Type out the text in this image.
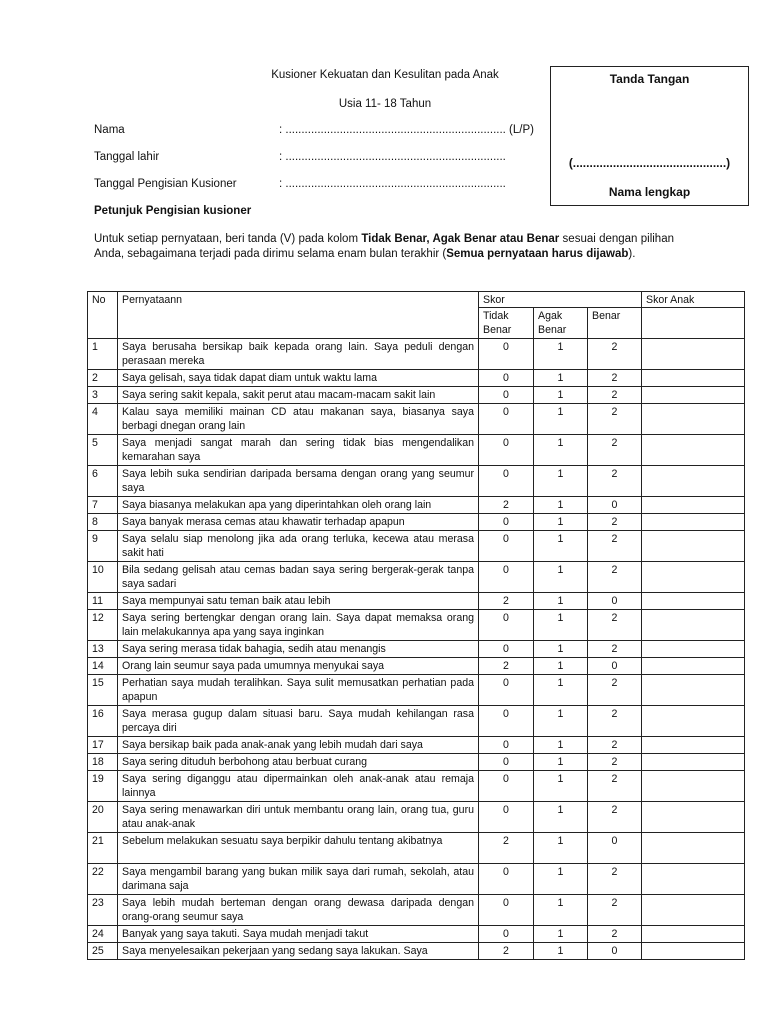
Kusioner Kekuatan dan Kesulitan pada Anak
Usia 11- 18 Tahun
Tanda Tangan
(..............................................)
Nama lengkap
Nama	: ..................................................................... (L/P)
Tanggal lahir	: .....................................................................
Tanggal Pengisian Kusioner	: .....................................................................
Petunjuk Pengisian kusioner
Untuk setiap pernyataan, beri tanda (V) pada kolom Tidak Benar, Agak Benar atau Benar sesuai dengan pilihan Anda, sebagaimana terjadi pada dirimu selama enam bulan terakhir (Semua pernyataan harus dijawab).
No	Pernyataann	Skor			Skor Anak
		Tidak Benar	Agak Benar	Benar	
1	Saya berusaha bersikap baik kepada orang lain. Saya peduli dengan perasaan mereka	0	1	2	
2	Saya gelisah, saya tidak dapat diam untuk waktu lama	0	1	2	
3	Saya sering sakit kepala, sakit perut atau macam-macam sakit lain	0	1	2	
4	Kalau saya memiliki mainan CD atau makanan saya, biasanya saya berbagi dnegan orang lain	0	1	2	
5	Saya menjadi sangat marah dan sering tidak bias mengendalikan kemarahan saya	0	1	2	
6	Saya lebih suka sendirian daripada bersama dengan orang yang seumur saya	0	1	2	
7	Saya biasanya melakukan apa yang diperintahkan oleh orang lain	2	1	0	
8	Saya banyak merasa cemas atau khawatir terhadap apapun	0	1	2	
9	Saya selalu siap menolong jika ada orang terluka, kecewa atau merasa sakit hati	0	1	2	
10	Bila sedang gelisah atau cemas badan saya sering bergerak-gerak tanpa saya sadari	0	1	2	
11	Saya mempunyai satu teman baik atau lebih	2	1	0	
12	Saya sering bertengkar dengan orang lain. Saya dapat memaksa orang lain melakukannya apa yang saya inginkan	0	1	2	
13	Saya sering merasa tidak bahagia, sedih atau menangis	0	1	2	
14	Orang lain seumur saya pada umumnya menyukai saya	2	1	0	
15	Perhatian saya mudah teralihkan. Saya sulit memusatkan perhatian pada apapun	0	1	2	
16	Saya merasa gugup dalam situasi baru. Saya mudah kehilangan rasa percaya diri	0	1	2	
17	Saya bersikap baik pada anak-anak yang lebih mudah dari saya	0	1	2	
18	Saya sering dituduh berbohong atau berbuat curang	0	1	2	
19	Saya sering diganggu atau dipermainkan oleh anak-anak atau remaja lainnya	0	1	2	
20	Saya sering menawarkan diri untuk membantu orang lain, orang tua, guru atau anak-anak	0	1	2	
21	Sebelum melakukan sesuatu saya berpikir dahulu tentang akibatnya	2	1	0	
22	Saya mengambil barang yang bukan milik saya dari rumah, sekolah, atau darimana saja	0	1	2	
23	Saya lebih mudah berteman dengan orang dewasa daripada dengan orang-orang seumur saya	0	1	2	
24	Banyak yang saya takuti. Saya mudah menjadi takut	0	1	2	
25	Saya menyelesaikan pekerjaan yang sedang saya lakukan. Saya	2	1	0	
